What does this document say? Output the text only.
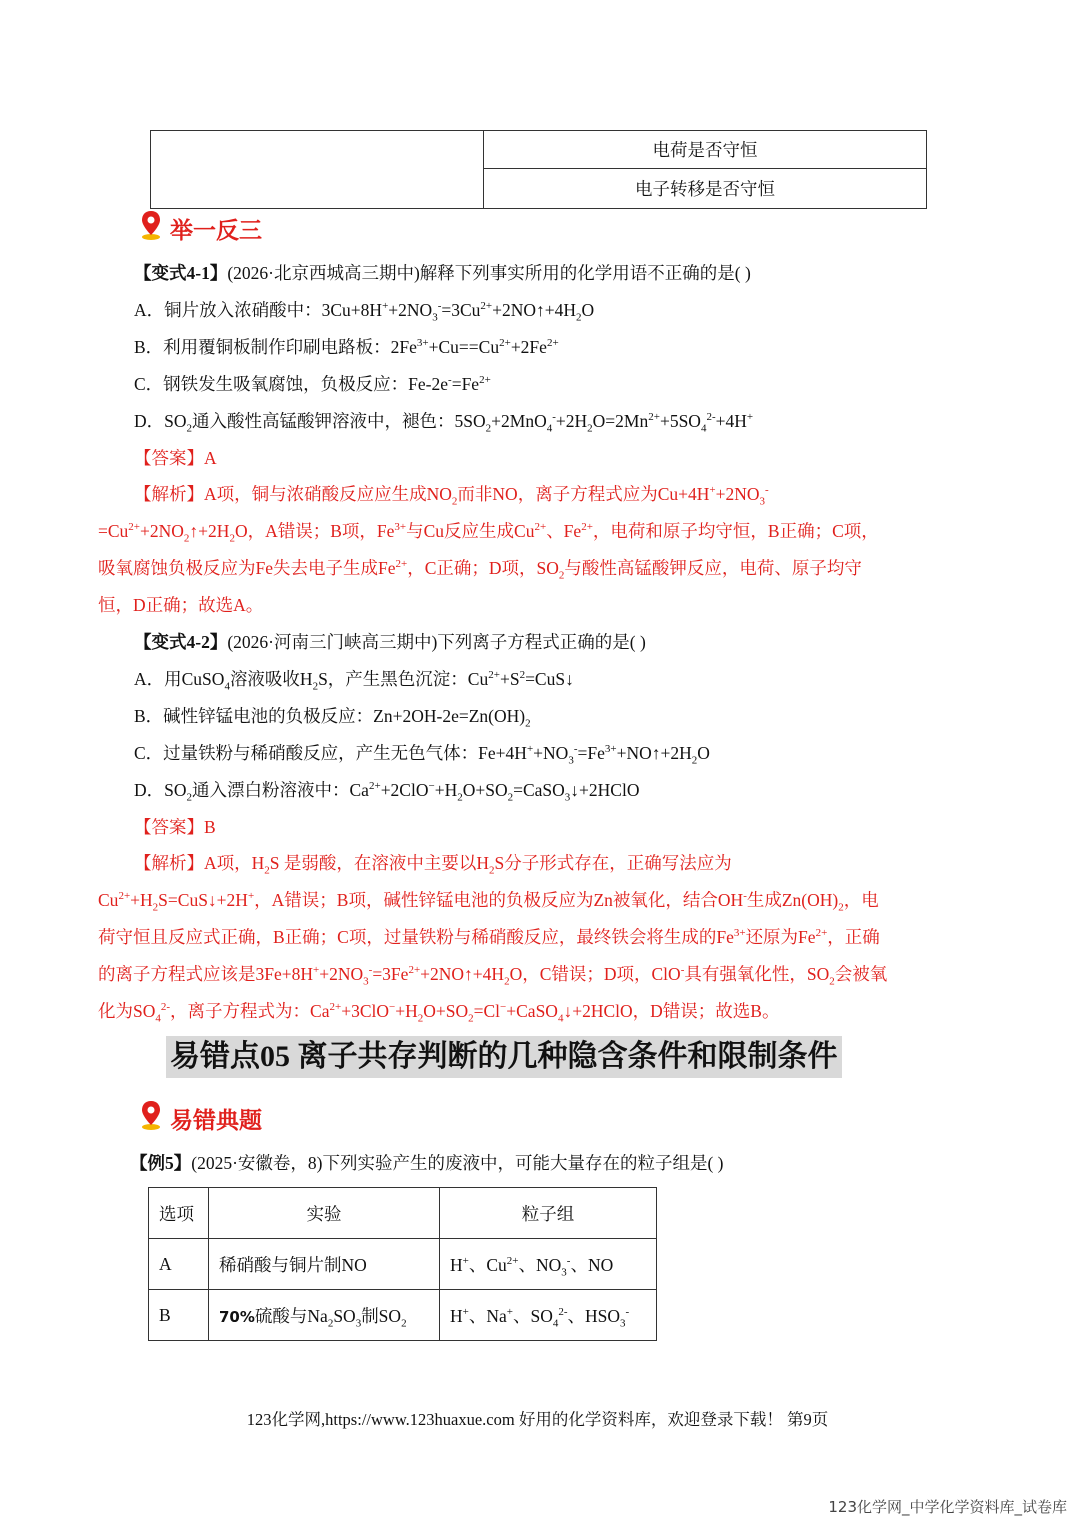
	电荷是否守恒
电子转移是否守恒
举一反三
【变式4-1】(2026·北京西城高三期中)解释下列事实所用的化学用语不正确的是( )
A．铜片放入浓硝酸中：$3Cu+8H^++2NO_3^-=3Cu^{2+}+2NO↑+4H_2O$
B．利用覆铜板制作印刷电路板：$2Fe^{3+}+Cu==Cu^{2+}+2Fe^{2+}$
C．钢铁发生吸氧腐蚀，负极反应：$Fe-2e^-=Fe^{2+}$
D．$SO_2$通入酸性高锰酸钾溶液中，褪色：$5SO_2+2MnO_4^-+2H_2O=2Mn^{2+}+5SO_4^{2-}+4H^+$
【答案】A
【解析】A项，铜与浓硝酸反应应生成$NO_2$而非NO，离子方程式应为$Cu+4H^++2NO_3^-$
$=Cu^{2+}+2NO_2↑+2H_2O$，A错误；B项，$Fe^{3+}$与Cu反应生成$Cu^{2+}$、$Fe^{2+}$，电荷和原子均守恒，B正确；C项，
吸氧腐蚀负极反应为Fe失去电子生成$Fe^{2+}$，C正确；D项，$SO_2$与酸性高锰酸钾反应，电荷、原子均守
恒，D正确；故选A。
【变式4-2】(2026·河南三门峡高三期中)下列离子方程式正确的是( )
A．用CuSO$_4$溶液吸收$H_2S$，产生黑色沉淀：$Cu^{2+}+S^2=CuS↓$
B．碱性锌锰电池的负极反应：$Zn+2OH-2e=Zn(OH)_2$
C．过量铁粉与稀硝酸反应，产生无色气体：$Fe+4H^++NO_3^-=Fe^{3+}+NO↑+2H_2O$
D．$SO_2$通入漂白粉溶液中：$Ca^{2+}+2ClO^-+H_2O+SO_2=CaSO_3↓+2HClO$
【答案】B
【解析】A项，$H_2S$ 是弱酸，在溶液中主要以$H_2S$分子形式存在，正确写法应为
$Cu^{2+}+H_2S=CuS↓+2H^+$，A错误；B项，碱性锌锰电池的负极反应为Zn被氧化，结合OH-生成$Zn(OH)_2$，电
荷守恒且反应式正确，B正确；C项，过量铁粉与稀硝酸反应，最终铁会将生成的$Fe^{3+}$还原为$Fe^{2+}$，正确
的离子方程式应该是$3Fe+8H^++2NO_3^-=3Fe^{2+}+2NO↑+4H_2O$，C错误；D项，ClO-具有强氧化性，$SO_2$会被氧
化为$SO_4^{2-}$，离子方程式为：$Ca^{2+}+3ClO^-+H_2O+SO_2=Cl^-+CaSO_4↓+2HClO$，D错误；故选B。
易错点05 离子共存判断的几种隐含条件和限制条件
易错典题
【例5】(2025·安徽卷，8)下列实验产生的废液中，可能大量存在的粒子组是( )
选项	实验	粒子组
A	稀硝酸与铜片制NO	H+、$Cu^{2+}$、$NO_3^-$、NO
B	70%硫酸与$Na_2SO_3$制$SO_2$	H+、Na+、$SO_4^{2-}$、$HSO_3^-$
123化学网,https://www.123huaxue.com 好用的化学资料库，欢迎登录下载！ 第9页
123化学网_中学化学资料库_试卷库
